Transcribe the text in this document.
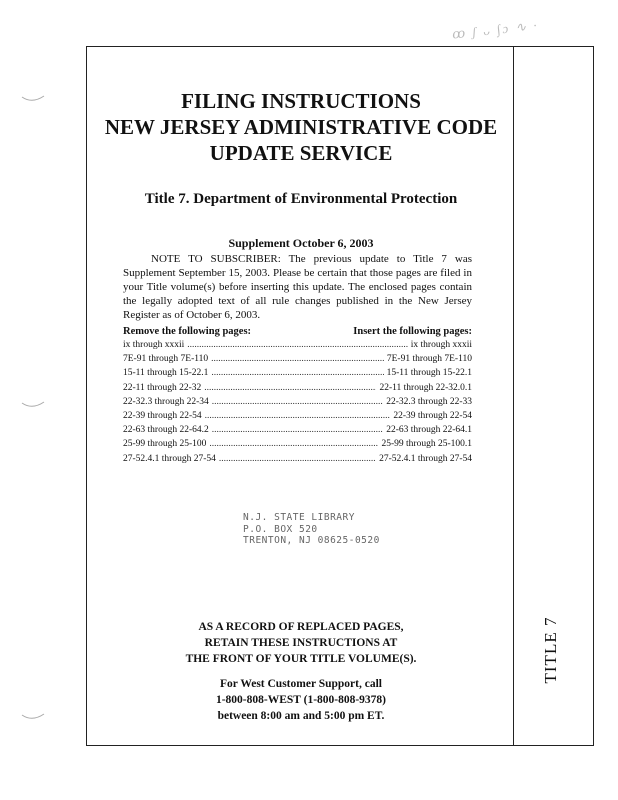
ꝏ ʃ ᴗ ∫ɔ ∿ ·
TITLE 7
FILING INSTRUCTIONS
NEW JERSEY ADMINISTRATIVE CODE
UPDATE SERVICE
Title 7. Department of Environmental Protection
Supplement October 6, 2003

NOTE TO SUBSCRIBER: The previous update to Title 7 was Supplement September 15, 2003. Please be certain that those pages are filed in your Title volume(s) before inserting this update. The enclosed pages contain the legally adopted text of all rule changes published in the New Jersey Register as of October 6, 2003.

Remove the following pages:	Insert the following pages:
ix through xxxii .....	ix through xxxii
7E-91 through 7E-110 .....	7E-91 through 7E-110
15-11 through 15-22.1 .....	15-11 through 15-22.1
22-11 through 22-32 .....	22-11 through 22-32.0.1
22-32.3 through 22-34 .....	22-32.3 through 22-33
22-39 through 22-54 .....	22-39 through 22-54
22-63 through 22-64.2 .....	22-63 through 22-64.1
25-99 through 25-100 .....	25-99 through 25-100.1
27-52.4.1 through 27-54 .....	27-52.4.1 through 27-54
N.J. STATE LIBRARY
P.O. BOX 520
TRENTON, NJ 08625-0520
AS A RECORD OF REPLACED PAGES,
RETAIN THESE INSTRUCTIONS AT
THE FRONT OF YOUR TITLE VOLUME(S).
For West Customer Support, call
1-800-808-WEST (1-800-808-9378)
between 8:00 am and 5:00 pm ET.
